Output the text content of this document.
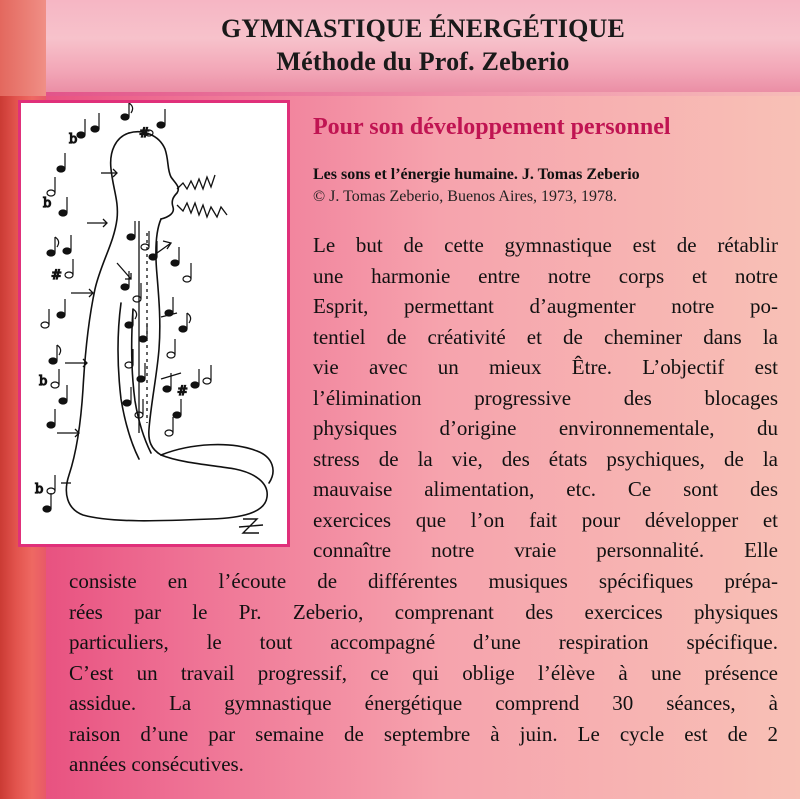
GYMNASTIQUE ÉNERGÉTIQUE
Méthode du Prof. Zeberio
#
b
b
#
b
b
#
Pour son développement personnel
Les sons et l’énergie humaine. J. Tomas Zeberio
© J. Tomas Zeberio, Buenos Aires, 1973, 1978.
Le but de cette gymnastique est de rétablir
une harmonie entre notre corps et notre
Esprit, permettant d’augmenter notre po-
tentiel de créativité et de cheminer dans la
vie avec un mieux Être. L’objectif est
l’élimination progressive des blocages
physiques d’origine environnementale, du
stress de la vie, des états psychiques, de la
mauvaise alimentation, etc. Ce sont des
exercices que l’on fait pour développer et
connaître notre vraie personnalité. Elle
consiste en l’écoute de différentes musiques spécifiques prépa-
rées par le Pr. Zeberio, comprenant des exercices physiques
particuliers, le tout accompagné d’une respiration spécifique.
C’est un travail progressif, ce qui oblige l’élève à une présence
assidue. La gymnastique énergétique comprend 30 séances, à
raison d’une par semaine de septembre à juin. Le cycle est de 2
années consécutives.
